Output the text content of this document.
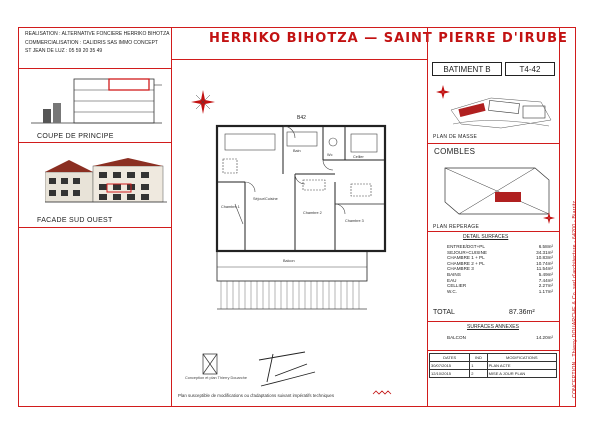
REALISATION : ALTERNATIVE FONCIERE HERRIKO BIHOTZA
COMMERCIALISATION : CALIDRIS SAS IMMO CONCEPT
ST JEAN DE LUZ : 05 59 20 35 49
HERRIKO BIHOTZA — SAINT PIERRE D'IRUBE
COUPE DE PRINCIPE
FACADE SUD OUEST
B42
Séjour/Cuisine
Chambre 1
Chambre 2
Chambre 3
Bain
Wc	Cellier
Balcon
Conception et plan Thierry Douarche
Plan susceptible de modifications ou d'adaptations suivant impératifs techniques
BATIMENT B	T4-42
PLAN DE MASSE
COMBLES
PLAN REPERAGE
DETAIL SURFACES
ENTREE/DGT+PL	6.58m²
SEJOUR+CUISINE	34.31m²
CHAMBRE 1 + PL	10.83m²
CHAMBRE 2 + PL	10.74m²
CHAMBRE 3	11.54m²
BAINS	5.49m²
EAU	7.44m²
CELLIER	2.27m²
W.C.	1.17m²
TOTAL	87.36m²
SURFACES ANNEXES
BALCON	14.20m²
DATES	IND	MODIFICATIONS
30/07/2015	1	PLAN ACTE
12/10/2015	2	MISE A JOUR PLAN	CONCEPTION : Thierry DOUARCHE & Co. sarl d'architecture - 64200 - Biarritz
